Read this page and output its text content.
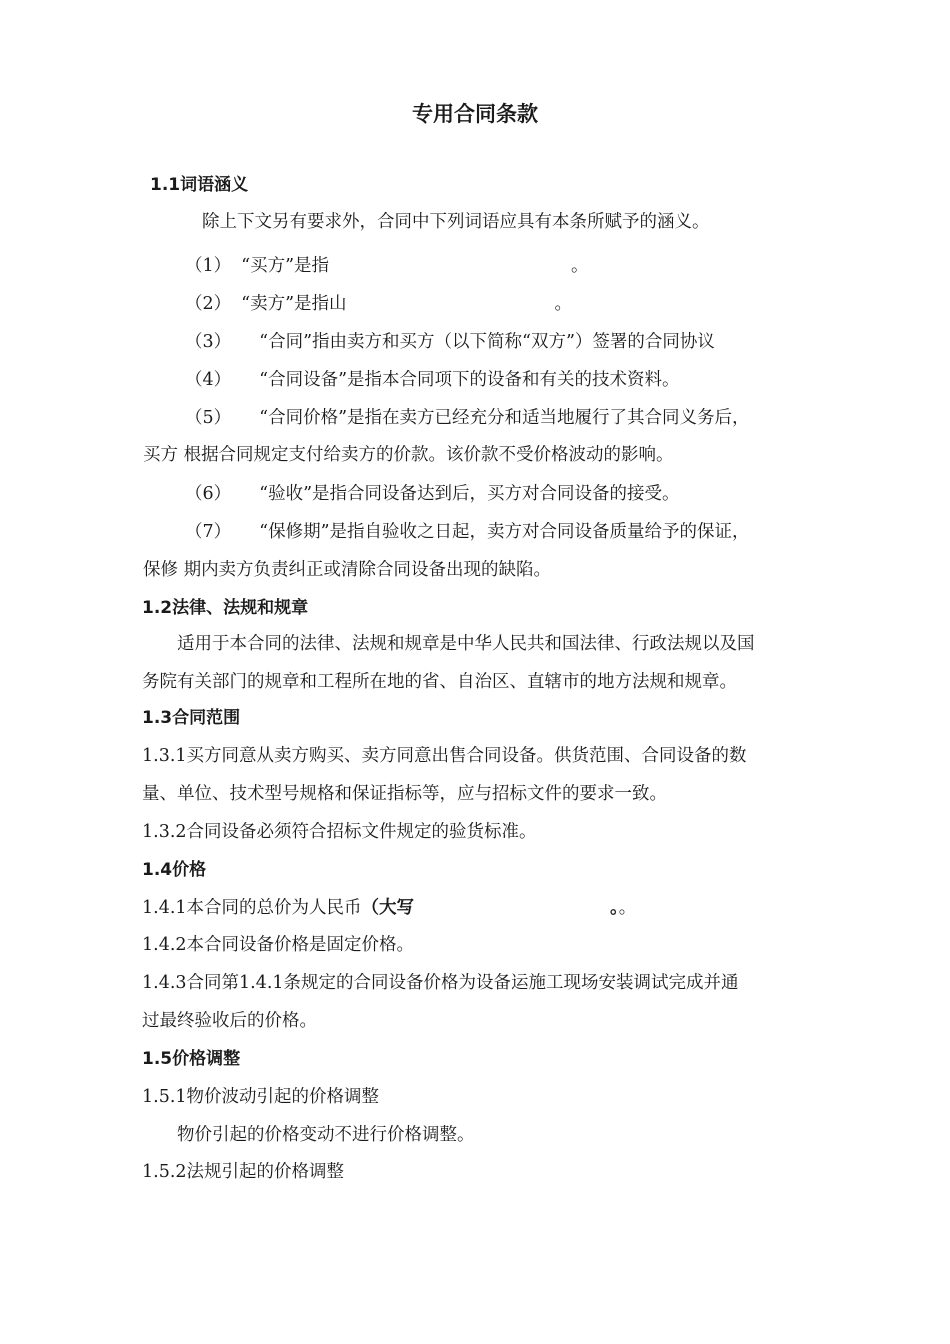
专用合同条款
1.1词语涵义
除上下文另有要求外，合同中下列词语应具有本条所赋予的涵义。
（1） “买方”是指	。
（2） “卖方”是指山	。
（3） “合同”指由卖方和买方（以下简称“双方”）签署的合同协议
（4） “合同设备”是指本合同项下的设备和有关的技术资料。
（5） “合同价格”是指在卖方已经充分和适当地履行了其合同义务后，
买方 根据合同规定支付给卖方的价款。该价款不受价格波动的影响。
（6） “验收”是指合同设备达到后，买方对合同设备的接受。
（7） “保修期”是指自验收之日起，卖方对合同设备质量给予的保证，
保修 期内卖方负责纠正或清除合同设备出现的缺陷。
1.2法律、法规和规章
适用于本合同的法律、法规和规章是中华人民共和国法律、行政法规以及国
务院有关部门的规章和工程所在地的省、自治区、直辖市的地方法规和规章。
1.3合同范围
1.3.1买方同意从卖方购买、卖方同意出售合同设备。供货范围、合同设备的数
量、单位、技术型号规格和保证指标等，应与招标文件的要求一致。
1.3.2合同设备必须符合招标文件规定的验货标准。
1.4价格
1.4.1本合同的总价为人民币（大写	。。
1.4.2本合同设备价格是固定价格。
1.4.3合同第1.4.1条规定的合同设备价格为设备运施工现场安装调试完成并通
过最终验收后的价格。
1.5价格调整
1.5.1物价波动引起的价格调整
物价引起的价格变动不进行价格调整。
1.5.2法规引起的价格调整
